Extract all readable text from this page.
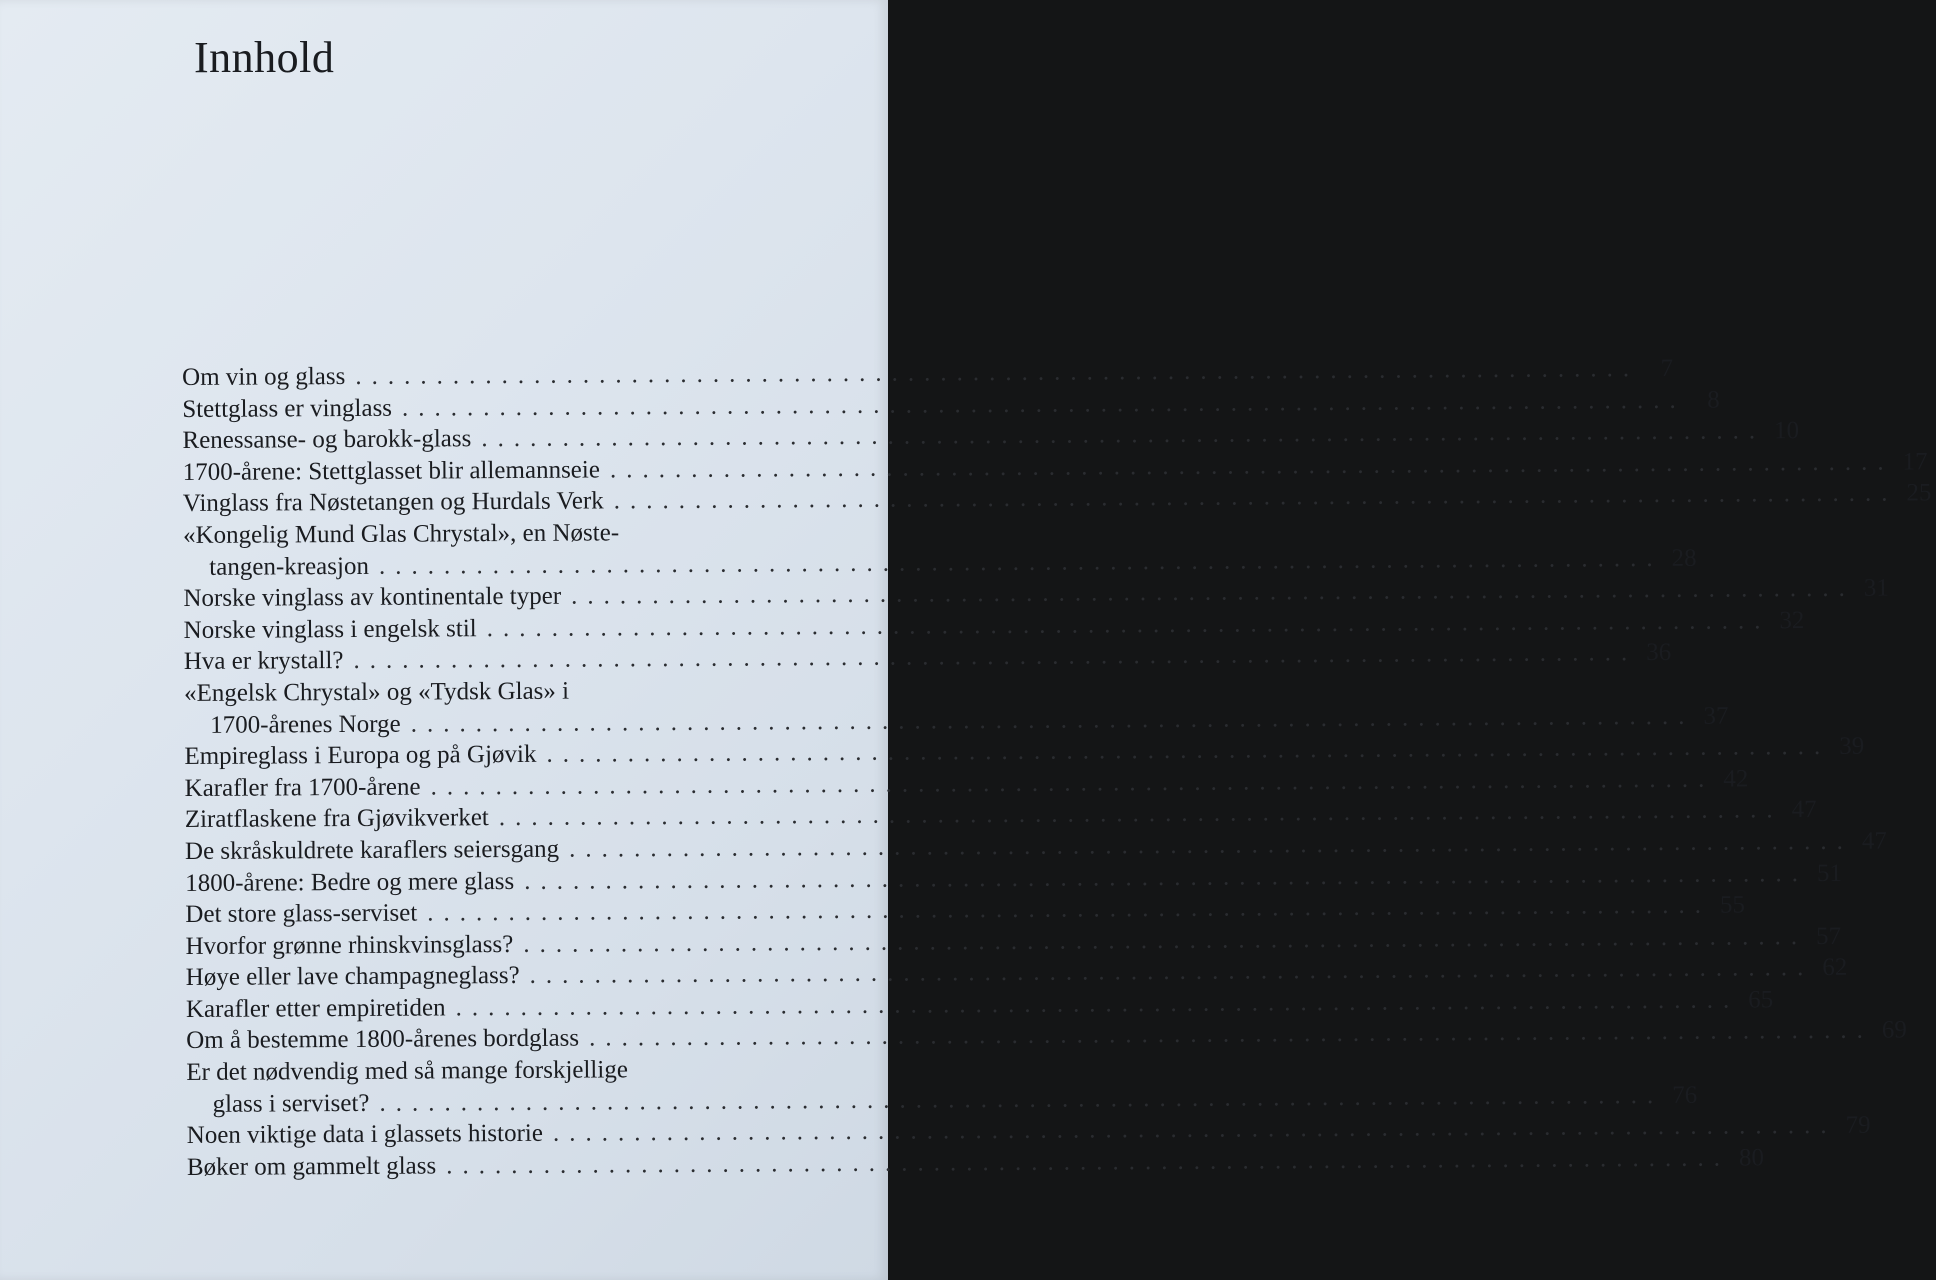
Innhold
Om vin og glass ............................................................................... 7
Stettglass er vinglass ............................................................................... 8
Renessanse- og barokk-glass ............................................................................... 10
1700-årene: Stettglasset blir allemannseie ............................................................................... 17
Vinglass fra Nøstetangen og Hurdals Verk ............................................................................... 25
«Kongelig Mund Glas Chrystal», en Nøste-
tangen-kreasjon ............................................................................... 28
Norske vinglass av kontinentale typer ............................................................................... 31
Norske vinglass i engelsk stil ............................................................................... 32
Hva er krystall? ............................................................................... 36
«Engelsk Chrystal» og «Tydsk Glas» i
1700-årenes Norge ............................................................................... 37
Empireglass i Europa og på Gjøvik ............................................................................... 39
Karafler fra 1700-årene ............................................................................... 42
Ziratflaskene fra Gjøvikverket ............................................................................... 47
De skråskuldrete karaflers seiersgang ............................................................................... 47
1800-årene: Bedre og mere glass ............................................................................... 51
Det store glass-serviset ............................................................................... 55
Hvorfor grønne rhinskvinsglass? ............................................................................... 57
Høye eller lave champagneglass? ............................................................................... 62
Karafler etter empiretiden ............................................................................... 65
Om å bestemme 1800-årenes bordglass ............................................................................... 69
Er det nødvendig med så mange forskjellige
glass i serviset? ............................................................................... 76
Noen viktige data i glassets historie ............................................................................... 79
Bøker om gammelt glass ............................................................................... 80
